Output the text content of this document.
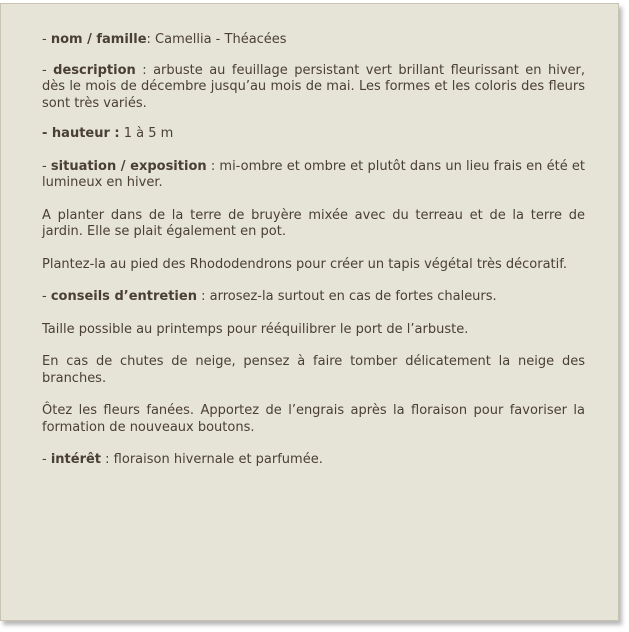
- nom / famille: Camellia - Théacées

- description : arbuste au feuillage persistant vert brillant fleurissant en hiver, dès le mois de décembre jusqu’au mois de mai. Les formes et les coloris des fleurs sont très variés.

- hauteur : 1 à 5 m

- situation / exposition : mi-ombre et ombre et plutôt dans un lieu frais en été et lumineux en hiver.

A planter dans de la terre de bruyère mixée avec du terreau et de la terre de jardin. Elle se plait également en pot.

Plantez-la au pied des Rhododendrons pour créer un tapis végétal très décoratif.

- conseils d’entretien : arrosez-la surtout en cas de fortes chaleurs.

Taille possible au printemps pour rééquilibrer le port de l’arbuste.

En cas de chutes de neige, pensez à faire tomber délicatement la neige des branches.

Ôtez les fleurs fanées. Apportez de l’engrais après la floraison pour favoriser la formation de nouveaux boutons.

- intérêt : floraison hivernale et parfumée.
